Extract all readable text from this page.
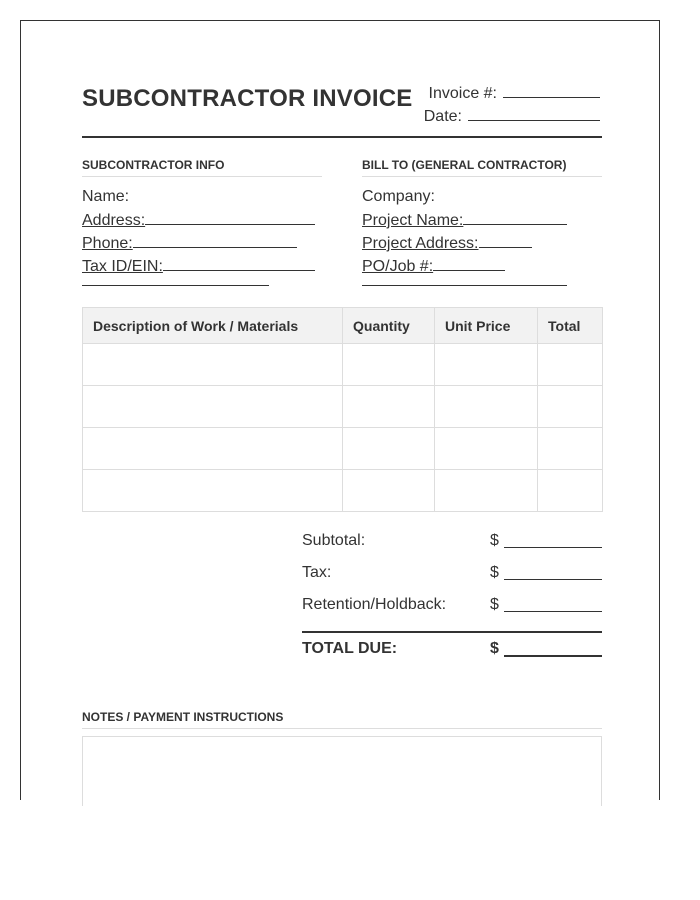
SUBCONTRACTOR INVOICE Invoice #:
Date:
SUBCONTRACTOR INFO
Name:
Address:
Phone:
Tax ID/EIN:
BILL TO (GENERAL CONTRACTOR)
Company:
Project Name:
Project Address:
PO/Job #:
Description of Work / Materials	Quantity	Unit Price	Total

Subtotal:	$
Tax:	$
Retention/Holdback:	$
TOTAL DUE:	$
NOTES / PAYMENT INSTRUCTIONS
